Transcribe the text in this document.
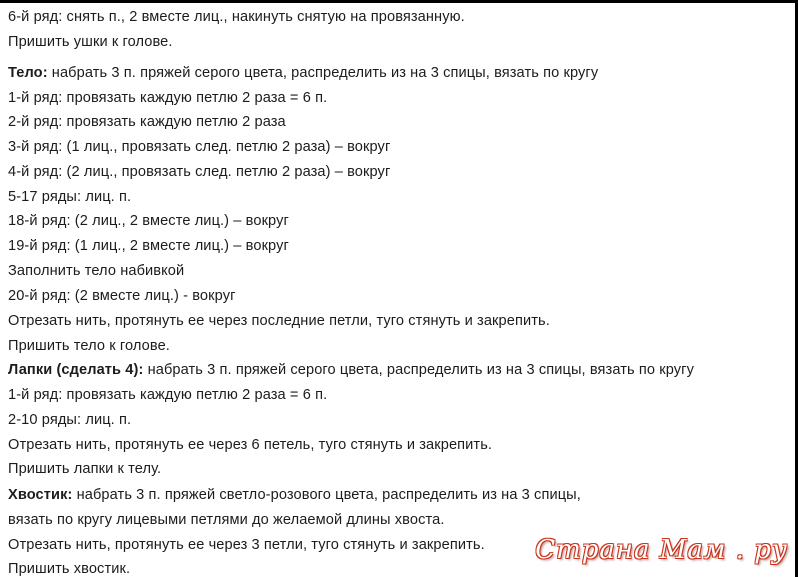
6-й ряд: снять п., 2 вместе лиц., накинуть снятую на провязанную.
Пришить ушки к голове.
Тело: набрать 3 п. пряжей серого цвета, распределить из на 3 спицы, вязать по кругу
1-й ряд: провязать каждую петлю 2 раза = 6 п.
2-й ряд: провязать каждую петлю 2 раза
3-й ряд: (1 лиц., провязать след. петлю 2 раза) – вокруг
4-й ряд: (2 лиц., провязать след. петлю 2 раза) – вокруг
5-17 ряды: лиц. п.
18-й ряд: (2 лиц., 2 вместе лиц.) – вокруг
19-й ряд: (1 лиц., 2 вместе лиц.) – вокруг
Заполнить тело набивкой
20-й ряд: (2 вместе лиц.) - вокруг
Отрезать нить, протянуть ее через последние петли, туго стянуть и закрепить.
Пришить тело к голове.
Лапки (сделать 4): набрать 3 п. пряжей серого цвета, распределить из на 3 спицы, вязать по кругу
1-й ряд: провязать каждую петлю 2 раза = 6 п.
2-10 ряды: лиц. п.
Отрезать нить, протянуть ее через 6 петель, туго стянуть и закрепить.
Пришить лапки к телу.
Хвостик: набрать 3 п. пряжей светло-розового цвета, распределить из на 3 спицы,
вязать по кругу лицевыми петлями до желаемой длины хвоста.
Отрезать нить, протянуть ее через 3 петли, туго стянуть и закрепить.
Пришить хвостик.
Страна Мам . ру
